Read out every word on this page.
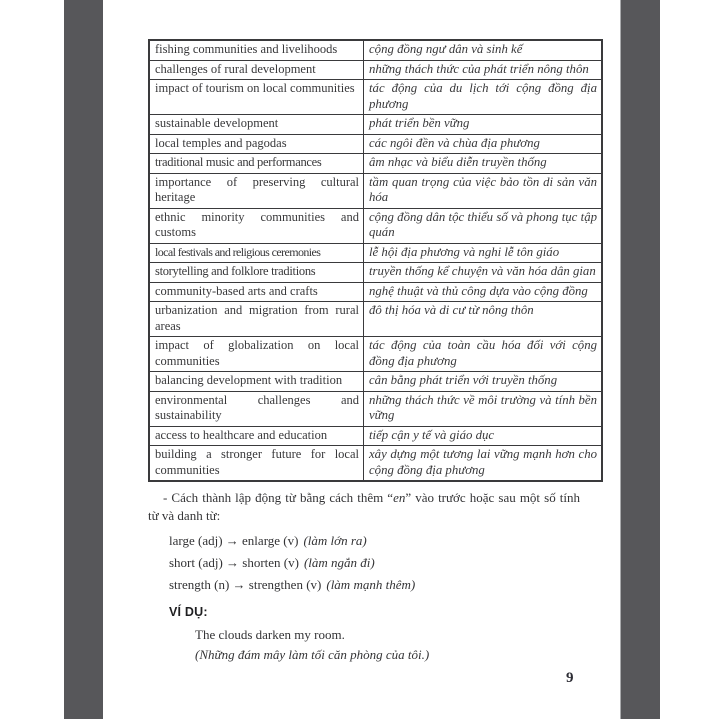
fishing communities and livelihoods	cộng đồng ngư dân và sinh kế
challenges of rural development	những thách thức của phát triển nông thôn
impact of tourism on local communities	tác động của du lịch tới cộng đồng địa phương
sustainable development	phát triển bền vững
local temples and pagodas	các ngôi đền và chùa địa phương
traditional music and performances	âm nhạc và biểu diễn truyền thống
importance of preserving cultural heritage	tầm quan trọng của việc bảo tồn di sản văn hóa
ethnic minority communities and customs	cộng đồng dân tộc thiểu số và phong tục tập quán
local festivals and religious ceremonies	lễ hội địa phương và nghi lễ tôn giáo
storytelling and folklore traditions	truyền thống kể chuyện và văn hóa dân gian
community-based arts and crafts	nghệ thuật và thủ công dựa vào cộng đồng
urbanization and migration from rural areas	đô thị hóa và di cư từ nông thôn
impact of globalization on local communities	tác động của toàn cầu hóa đối với cộng đồng địa phương
balancing development with tradition	cân bằng phát triển với truyền thống
environmental challenges and sustainability	những thách thức về môi trường và tính bền vững
access to healthcare and education	tiếp cận y tế và giáo dục
building a stronger future for local communities	xây dựng một tương lai vững mạnh hơn cho cộng đồng địa phương

- Cách thành lập động từ bằng cách thêm “en” vào trước hoặc sau một số tính từ và danh từ:

large (adj) → enlarge (v) (làm lớn ra)
short (adj) → shorten (v) (làm ngắn đi)
strength (n) → strengthen (v) (làm mạnh thêm)

VÍ DỤ:

The clouds darken my room.

(Những đám mây làm tối căn phòng của tôi.)

9
